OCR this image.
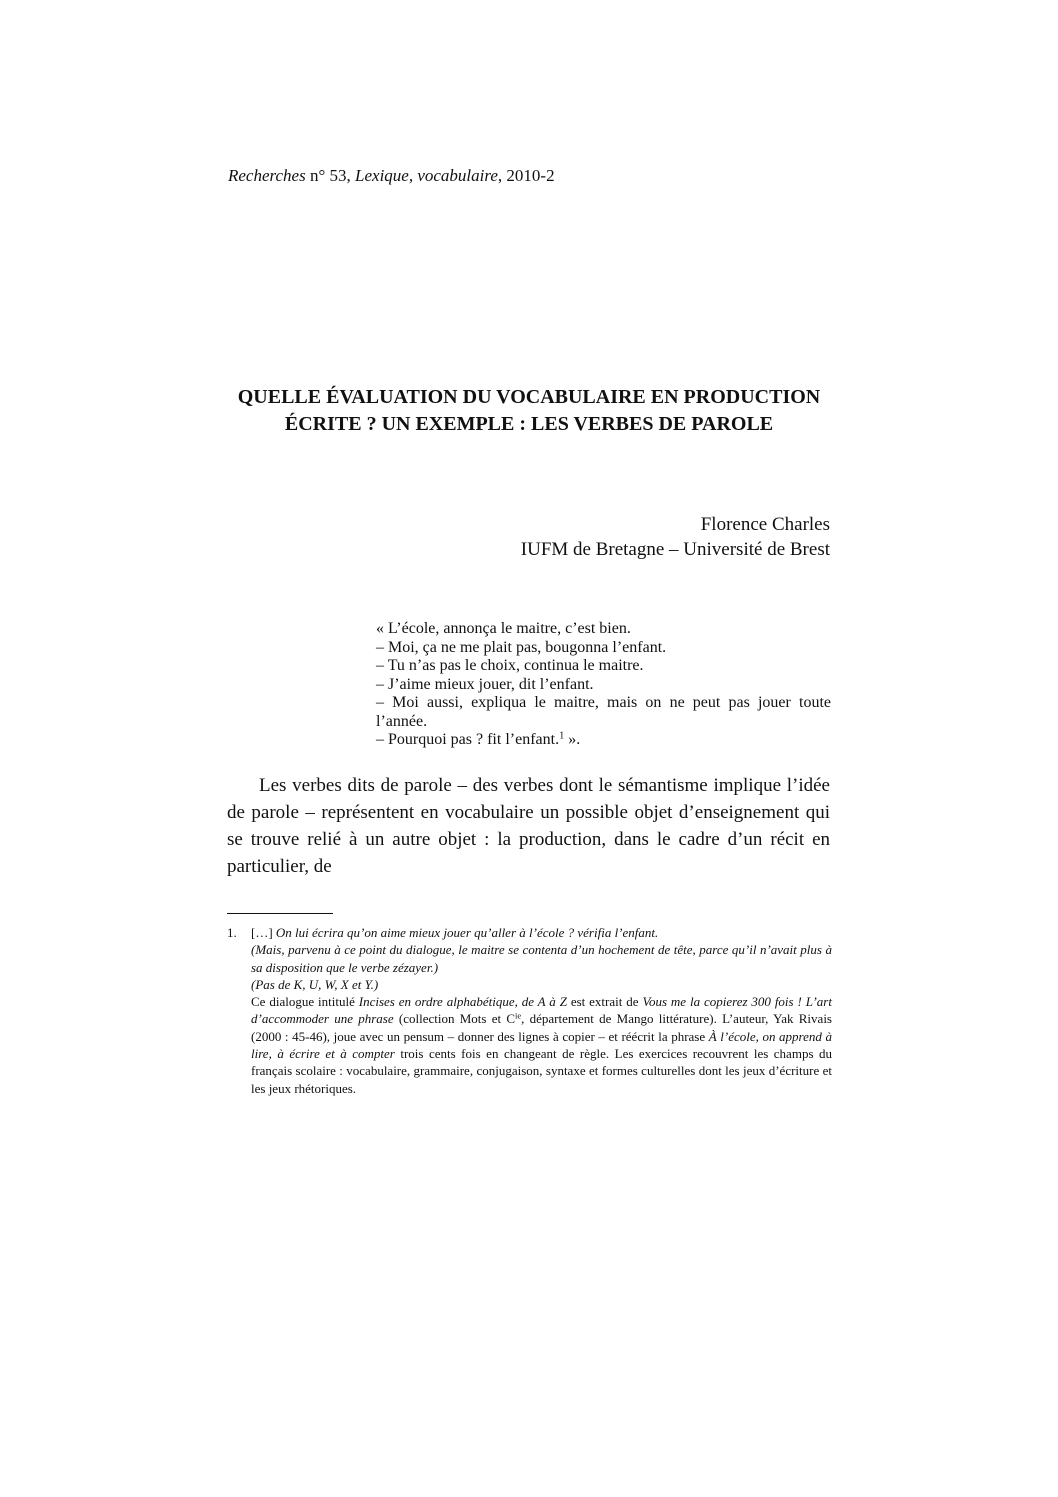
Recherches n° 53, Lexique, vocabulaire, 2010-2
QUELLE ÉVALUATION DU VOCABULAIRE EN PRODUCTION
ÉCRITE ? UN EXEMPLE : LES VERBES DE PAROLE
Florence Charles
IUFM de Bretagne – Université de Brest
« L’école, annonça le maitre, c’est bien.
– Moi, ça ne me plait pas, bougonna l’enfant.
– Tu n’as pas le choix, continua le maitre.
– J’aime mieux jouer, dit l’enfant.
– Moi aussi, expliqua le maitre, mais on ne peut pas jouer toute l’année.
– Pourquoi pas ? fit l’enfant.$^1$ ».
Les verbes dits de parole – des verbes dont le sémantisme implique l’idée de parole – représentent en vocabulaire un possible objet d’enseignement qui se trouve relié à un autre objet : la production, dans le cadre d’un récit en particulier, de
1. […] On lui écrira qu’on aime mieux jouer qu’aller à l’école ? vérifia l’enfant.
(Mais, parvenu à ce point du dialogue, le maitre se contenta d’un hochement de tête, parce qu’il n’avait plus à sa disposition que le verbe zézayer.)
(Pas de K, U, W, X et Y.)
Ce dialogue intitulé Incises en ordre alphabétique, de A à Z est extrait de Vous me la copierez 300 fois ! L’art d’accommoder une phrase (collection Mots et $C^{ie}$, département de Mango littérature). L’auteur, Yak Rivais (2000 : 45-46), joue avec un pensum – donner des lignes à copier – et réécrit la phrase À l’école, on apprend à lire, à écrire et à compter trois cents fois en changeant de règle. Les exercices recouvrent les champs du français scolaire : vocabulaire, grammaire, conjugaison, syntaxe et formes culturelles dont les jeux d’écriture et les jeux rhétoriques.
